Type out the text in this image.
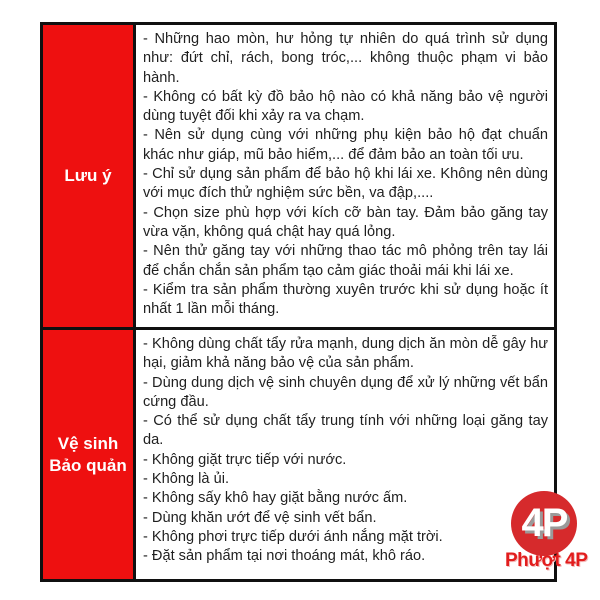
Lưu ý

- Những hao mòn, hư hỏng tự nhiên do quá trình sử dụng như: đứt chỉ, rách, bong tróc,... không thuộc phạm vi bảo hành.

- Không có bất kỳ đồ bảo hộ nào có khả năng bảo vệ người dùng tuyệt đối khi xảy ra va chạm.

- Nên sử dụng cùng với những phụ kiện bảo hộ đạt chuẩn khác như giáp, mũ bảo hiểm,... để đảm bảo an toàn tối ưu.

- Chỉ sử dụng sản phẩm để bảo hộ khi lái xe. Không nên dùng với mục đích thử nghiệm sức bền, va đập,....

- Chọn size phù hợp với kích cỡ bàn tay. Đảm bảo găng tay vừa vặn, không quá chật hay quá lỏng.

- Nên thử găng tay với những thao tác mô phỏng trên tay lái để chắn chắn sản phẩm tạo cảm giác thoải mái khi lái xe.

- Kiểm tra sản phẩm thường xuyên trước khi sử dụng hoặc ít nhất 1 lần mỗi tháng.

Vệ sinh
Bảo quản

- Không dùng chất tẩy rửa mạnh, dung dịch ăn mòn dễ gây hư hại, giảm khả năng bảo vệ của sản phẩm.

- Dùng dung dịch vệ sinh chuyên dụng để xử lý những vết bẩn cứng đầu.

- Có thể sử dụng chất tẩy trung tính với những loại găng tay da.

- Không giặt trực tiếp với nước.

- Không là ủi.

- Không sấy khô hay giặt bằng nước ấm.

- Dùng khăn ướt để vệ sinh vết bẩn.

- Không phơi trực tiếp dưới ánh nắng mặt trời.

- Đặt sản phẩm tại nơi thoáng mát, khô ráo.

4P
Phượt 4P
